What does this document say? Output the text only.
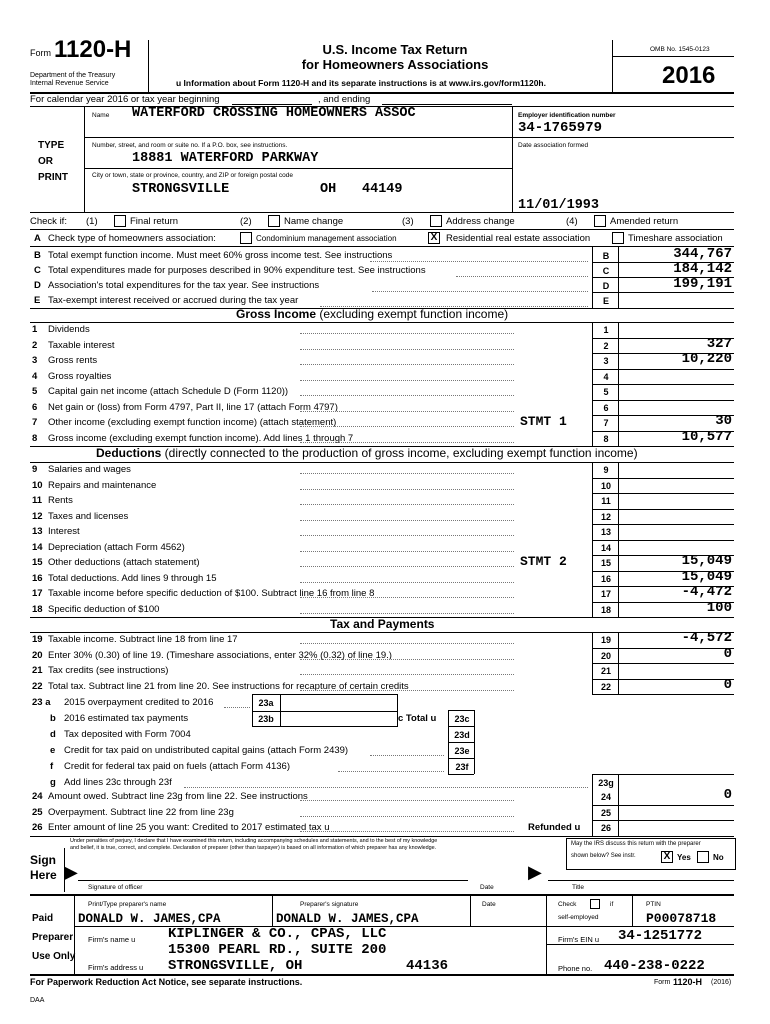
Form 1120-H
Department of the Treasury
Internal Revenue Service
U.S. Income Tax Return
for Homeowners Associations
u Information about Form 1120-H and its separate instructions is at www.irs.gov/form1120h.
OMB No. 1545-0123
2016
For calendar year 2016 or tax year beginning	, and ending
Name WATERFORD CROSSING HOMEOWNERS ASSOC	Employer identification number
34-1765979
TYPE
OR
PRINT
Number, street, and room or suite no. If a P.O. box, see instructions.
18881 WATERFORD PARKWAY
Date association formed
City or town, state or province, country, and ZIP or foreign postal code
STRONGSVILLE	OH 44149
11/01/1993
Check if: (1)	Final return	(2)	Name change	(3)	Address change	(4)	Amended return
A Check type of homeowners association:	Condominium management association	X Residential real estate association	Timeshare association
B Total exempt function income. Must meet 60% gross income test. See instructions	B	344,767
C Total expenditures made for purposes described in 90% expenditure test. See instructions	C	184,142
D Association's total expenditures for the tax year. See instructions	D	199,191
E Tax-exempt interest received or accrued during the tax year	E
Gross Income (excluding exempt function income)
1 Dividends	1
2 Taxable interest	2	327
3 Gross rents	3	10,220
4 Gross royalties	4
5 Capital gain net income (attach Schedule D (Form 1120))	5
6 Net gain or (loss) from Form 4797, Part II, line 17 (attach Form 4797)	6
7 Other income (excluding exempt function income) (attach statement)	STMT 1	7	30
8 Gross income (excluding exempt function income). Add lines 1 through 7	8	10,577
Deductions (directly connected to the production of gross income, excluding exempt function income)
9 Salaries and wages	9
10 Repairs and maintenance	10
11 Rents	11
12 Taxes and licenses	12
13 Interest	13
14 Depreciation (attach Form 4562)	14
15 Other deductions (attach statement)	STMT 2	15	15,049
16 Total deductions. Add lines 9 through 15	16	15,049
17 Taxable income before specific deduction of $100. Subtract line 16 from line 8	17	-4,472
18 Specific deduction of $100	18	100
Tax and Payments
19 Taxable income. Subtract line 18 from line 17	19	-4,572
20 Enter 30% (0.30) of line 19. (Timeshare associations, enter 32% (0.32) of line 19.)	20	0
21 Tax credits (see instructions)	21
22 Total tax. Subtract line 21 from line 20. See instructions for recapture of certain credits	22	0
23 a 2015 overpayment credited to 2016	23a
b 2016 estimated tax payments	23b	c Total u	23c
d Tax deposited with Form 7004	23d
e Credit for tax paid on undistributed capital gains (attach Form 2439)	23e
f Credit for federal tax paid on fuels (attach Form 4136)	23f
g Add lines 23c through 23f	23g
24 Amount owed. Subtract line 23g from line 22. See instructions	24	0
25 Overpayment. Subtract line 22 from line 23g	25
26 Enter amount of line 25 you want: Credited to 2017 estimated tax u	Refunded u	26
Sign
Here
Under penalties of perjury, I declare that I have examined this return, including accompanying schedules and statements, and to the best of my knowledge
and belief, it is true, correct, and complete. Declaration of preparer (other than taxpayer) is based on all information of which preparer has any knowledge.
May the IRS discuss this return with the preparer
shown below? See instr.	X Yes	No
▶	▶
Signature of officer	Date	Title
Paid
Preparer
Use Only
Print/Type preparer's name
DONALD W. JAMES,CPA
Preparer's signature
DONALD W. JAMES,CPA
Date	Check	if
self-employed
PTIN
P00078718
Firm's name u KIPLINGER & CO., CPAS, LLC	Firm's EIN u 34-1251772
15300 PEARL RD., SUITE 200
Firm's address u STRONGSVILLE, OH	44136	Phone no. 440-238-0222
For Paperwork Reduction Act Notice, see separate instructions.	Form 1120-H (2016)
DAA
